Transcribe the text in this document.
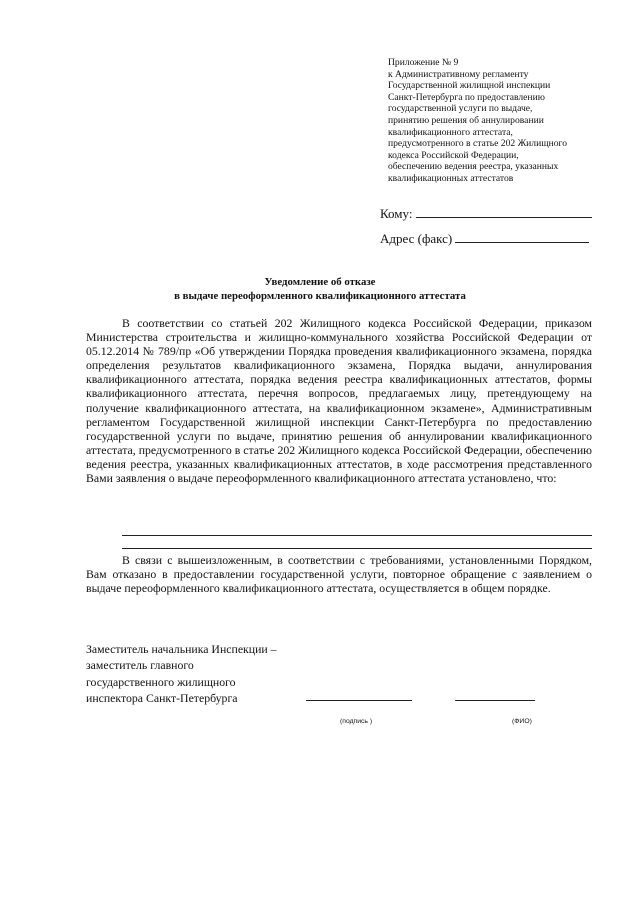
Приложение № 9
к Административному регламенту
Государственной жилищной инспекции
Санкт-Петербурга по предоставлению
государственной услуги по выдаче,
принятию решения об аннулировании
квалификационного аттестата,
предусмотренного в статье 202 Жилищного
кодекса Российской Федерации,
обеспечению ведения реестра, указанных
квалификационных аттестатов
Кому:
Адрес (факс)
Уведомление об отказе
в выдаче переоформленного квалификационного аттестата

В соответствии со статьей 202 Жилищного кодекса Российской Федерации, приказом Министерства строительства и жилищно-коммунального хозяйства Российской Федерации от 05.12.2014 № 789/пр «Об утверждении Порядка проведения квалификационного экзамена, порядка определения результатов квалификационного экзамена, Порядка выдачи, аннулирования квалификационного аттестата, порядка ведения реестра квалификационных аттестатов, формы квалификационного аттестата, перечня вопросов, предлагаемых лицу, претендующему на получение квалификационного аттестата, на квалификационном экзамене», Административным регламентом Государственной жилищной инспекции Санкт-Петербурга по предоставлению государственной услуги по выдаче, принятию решения об аннулировании квалификационного аттестата, предусмотренного в статье 202 Жилищного кодекса Российской Федерации, обеспечению ведения реестра, указанных квалификационных аттестатов, в ходе рассмотрения представленного Вами заявления о выдаче переоформленного квалификационного аттестата установлено, что:

В связи с вышеизложенным, в соответствии с требованиями, установленными Порядком, Вам отказано в предоставлении государственной услуги, повторное обращение с заявлением о выдаче переоформленного квалификационного аттестата, осуществляется в общем порядке.

Заместитель начальника Инспекции –
заместитель главного
государственного жилищного
инспектора Санкт-Петербурга
(подпись )	(ФИО)
